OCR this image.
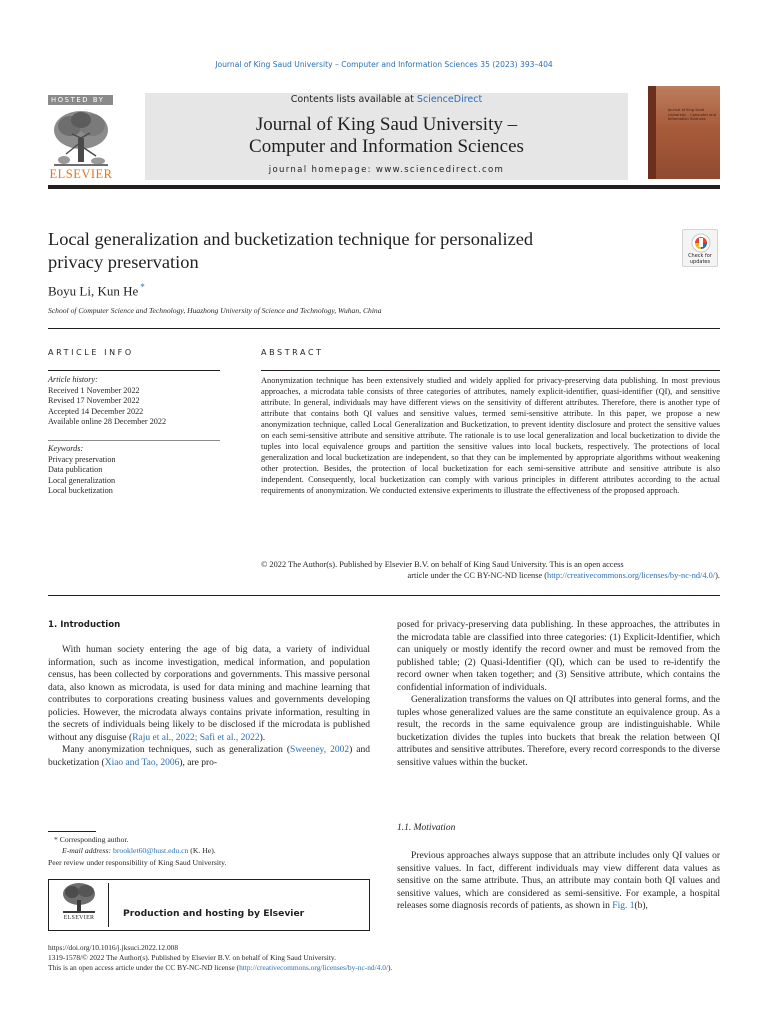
Journal of King Saud University – Computer and Information Sciences 35 (2023) 393–404
HOSTED BY
ELSEVIER
Contents lists available at ScienceDirect
Journal of King Saud University –
Computer and Information Sciences
journal homepage: www.sciencedirect.com
Journal of King Saud University – Computer and Information Sciences
Local generalization and bucketization technique for personalized
privacy preservation	Check for
updates
Boyu Li, Kun He *
School of Computer Science and Technology, Huazhong University of Science and Technology, Wuhan, China
ARTICLE INFO
Article history:
Received 1 November 2022
Revised 17 November 2022
Accepted 14 December 2022
Available online 28 December 2022
Keywords:
Privacy preservation
Data publication
Local generalization
Local bucketization
ABSTRACT
Anonymization technique has been extensively studied and widely applied for privacy-preserving data publishing. In most previous approaches, a microdata table consists of three categories of attributes, namely explicit-identifier, quasi-identifier (QI), and sensitive attribute. In general, individuals may have different views on the sensitivity of different attributes. Therefore, there is another type of attribute that contains both QI values and sensitive values, termed semi-sensitive attribute. In this paper, we propose a new anonymization technique, called Local Generalization and Bucketization, to prevent identity disclosure and protect the sensitive values on each semi-sensitive attribute and sensitive attribute. The rationale is to use local generalization and local bucketization to divide the tuples into local equivalence groups and partition the sensitive values into local buckets, respectively. The protections of local generalization and local bucketization are independent, so that they can be implemented by appropriate algorithms without weakening other protection. Besides, the protection of local bucketization for each semi-sensitive attribute and sensitive attribute is also independent. Consequently, local bucketization can comply with various principles in different attributes according to the actual requirements of anonymization. We conducted extensive experiments to illustrate the effectiveness of the proposed approach.
© 2022 The Author(s). Published by Elsevier B.V. on behalf of King Saud University. This is an open access
article under the CC BY-NC-ND license (http://creativecommons.org/licenses/by-nc-nd/4.0/).
1. Introduction

With human society entering the age of big data, a variety of individual information, such as income investigation, medical information, and population census, has been collected by corporations and governments. This massive personal data, also known as microdata, is used for data mining and machine learning that contributes to corporations creating business values and governments developing policies. However, the microdata always contains private information, resulting in the secrets of individuals being likely to be disclosed if the microdata is published without any disguise (Raju et al., 2022; Safi et al., 2022).

Many anonymization techniques, such as generalization (Sweeney, 2002) and bucketization (Xiao and Tao, 2006), are pro-

* Corresponding author.
E-mail address: brooklet60@hust.edu.cn (K. He).
Peer review under responsibility of King Saud University.
ELSEVIER	Production and hosting by Elsevier

posed for privacy-preserving data publishing. In these approaches, the attributes in the microdata table are classified into three categories: (1) Explicit-Identifier, which can uniquely or mostly identify the record owner and must be removed from the published table; (2) Quasi-Identifier (QI), which can be used to re-identify the record owner when taken together; and (3) Sensitive attribute, which contains the confidential information of individuals.

Generalization transforms the values on QI attributes into general forms, and the tuples whose generalized values are the same constitute an equivalence group. As a result, the records in the same equivalence group are indistinguishable. While bucketization divides the tuples into buckets that break the relation between QI attributes and sensitive attributes. Therefore, every record corresponds to the diverse sensitive values within the bucket.

1.1. Motivation

Previous approaches always suppose that an attribute includes only QI values or sensitive values. In fact, different individuals may view different data values as sensitive on the same attribute. Thus, an attribute may contain both QI values and sensitive values, which are considered as semi-sensitive. For example, a hospital releases some diagnosis records of patients, as shown in Fig. 1(b),

https://doi.org/10.1016/j.jksuci.2022.12.008
1319-1578/© 2022 The Author(s). Published by Elsevier B.V. on behalf of King Saud University.
This is an open access article under the CC BY-NC-ND license (http://creativecommons.org/licenses/by-nc-nd/4.0/).
